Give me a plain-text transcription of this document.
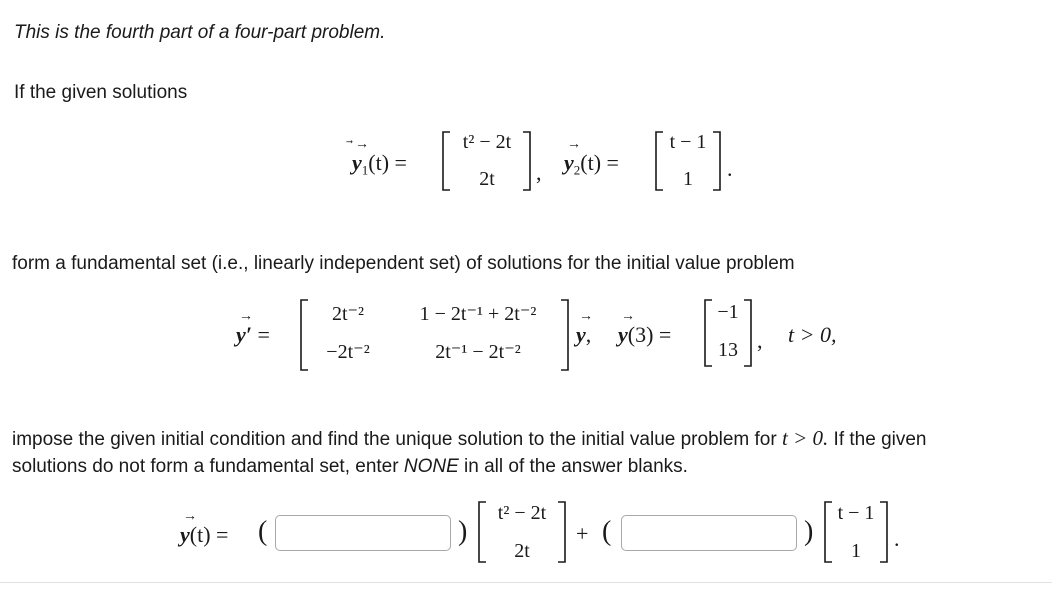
This is the fourth part of a four-part problem.
If the given solutions
→
$y_1(t)$ =
t² − 2t
2t	,
→
$y_2(t)$ =
t − 1
1	.
form a fundamental set (i.e., linearly independent set) of solutions for the initial value problem
→
y′ =
2t⁻²	1 − 2t⁻¹ + 2t⁻²
−2t⁻²	2t⁻¹ − 2t⁻²
→
y,
→
y(3) =
−1
13 , t > 0,
impose the given initial condition and find the unique solution to the initial value problem for t > 0. If the given
solutions do not form a fundamental set, enter NONE in all of the answer blanks.
→
y(t) = (	)
t² − 2t
2t
+ (	)
t − 1
1	.
